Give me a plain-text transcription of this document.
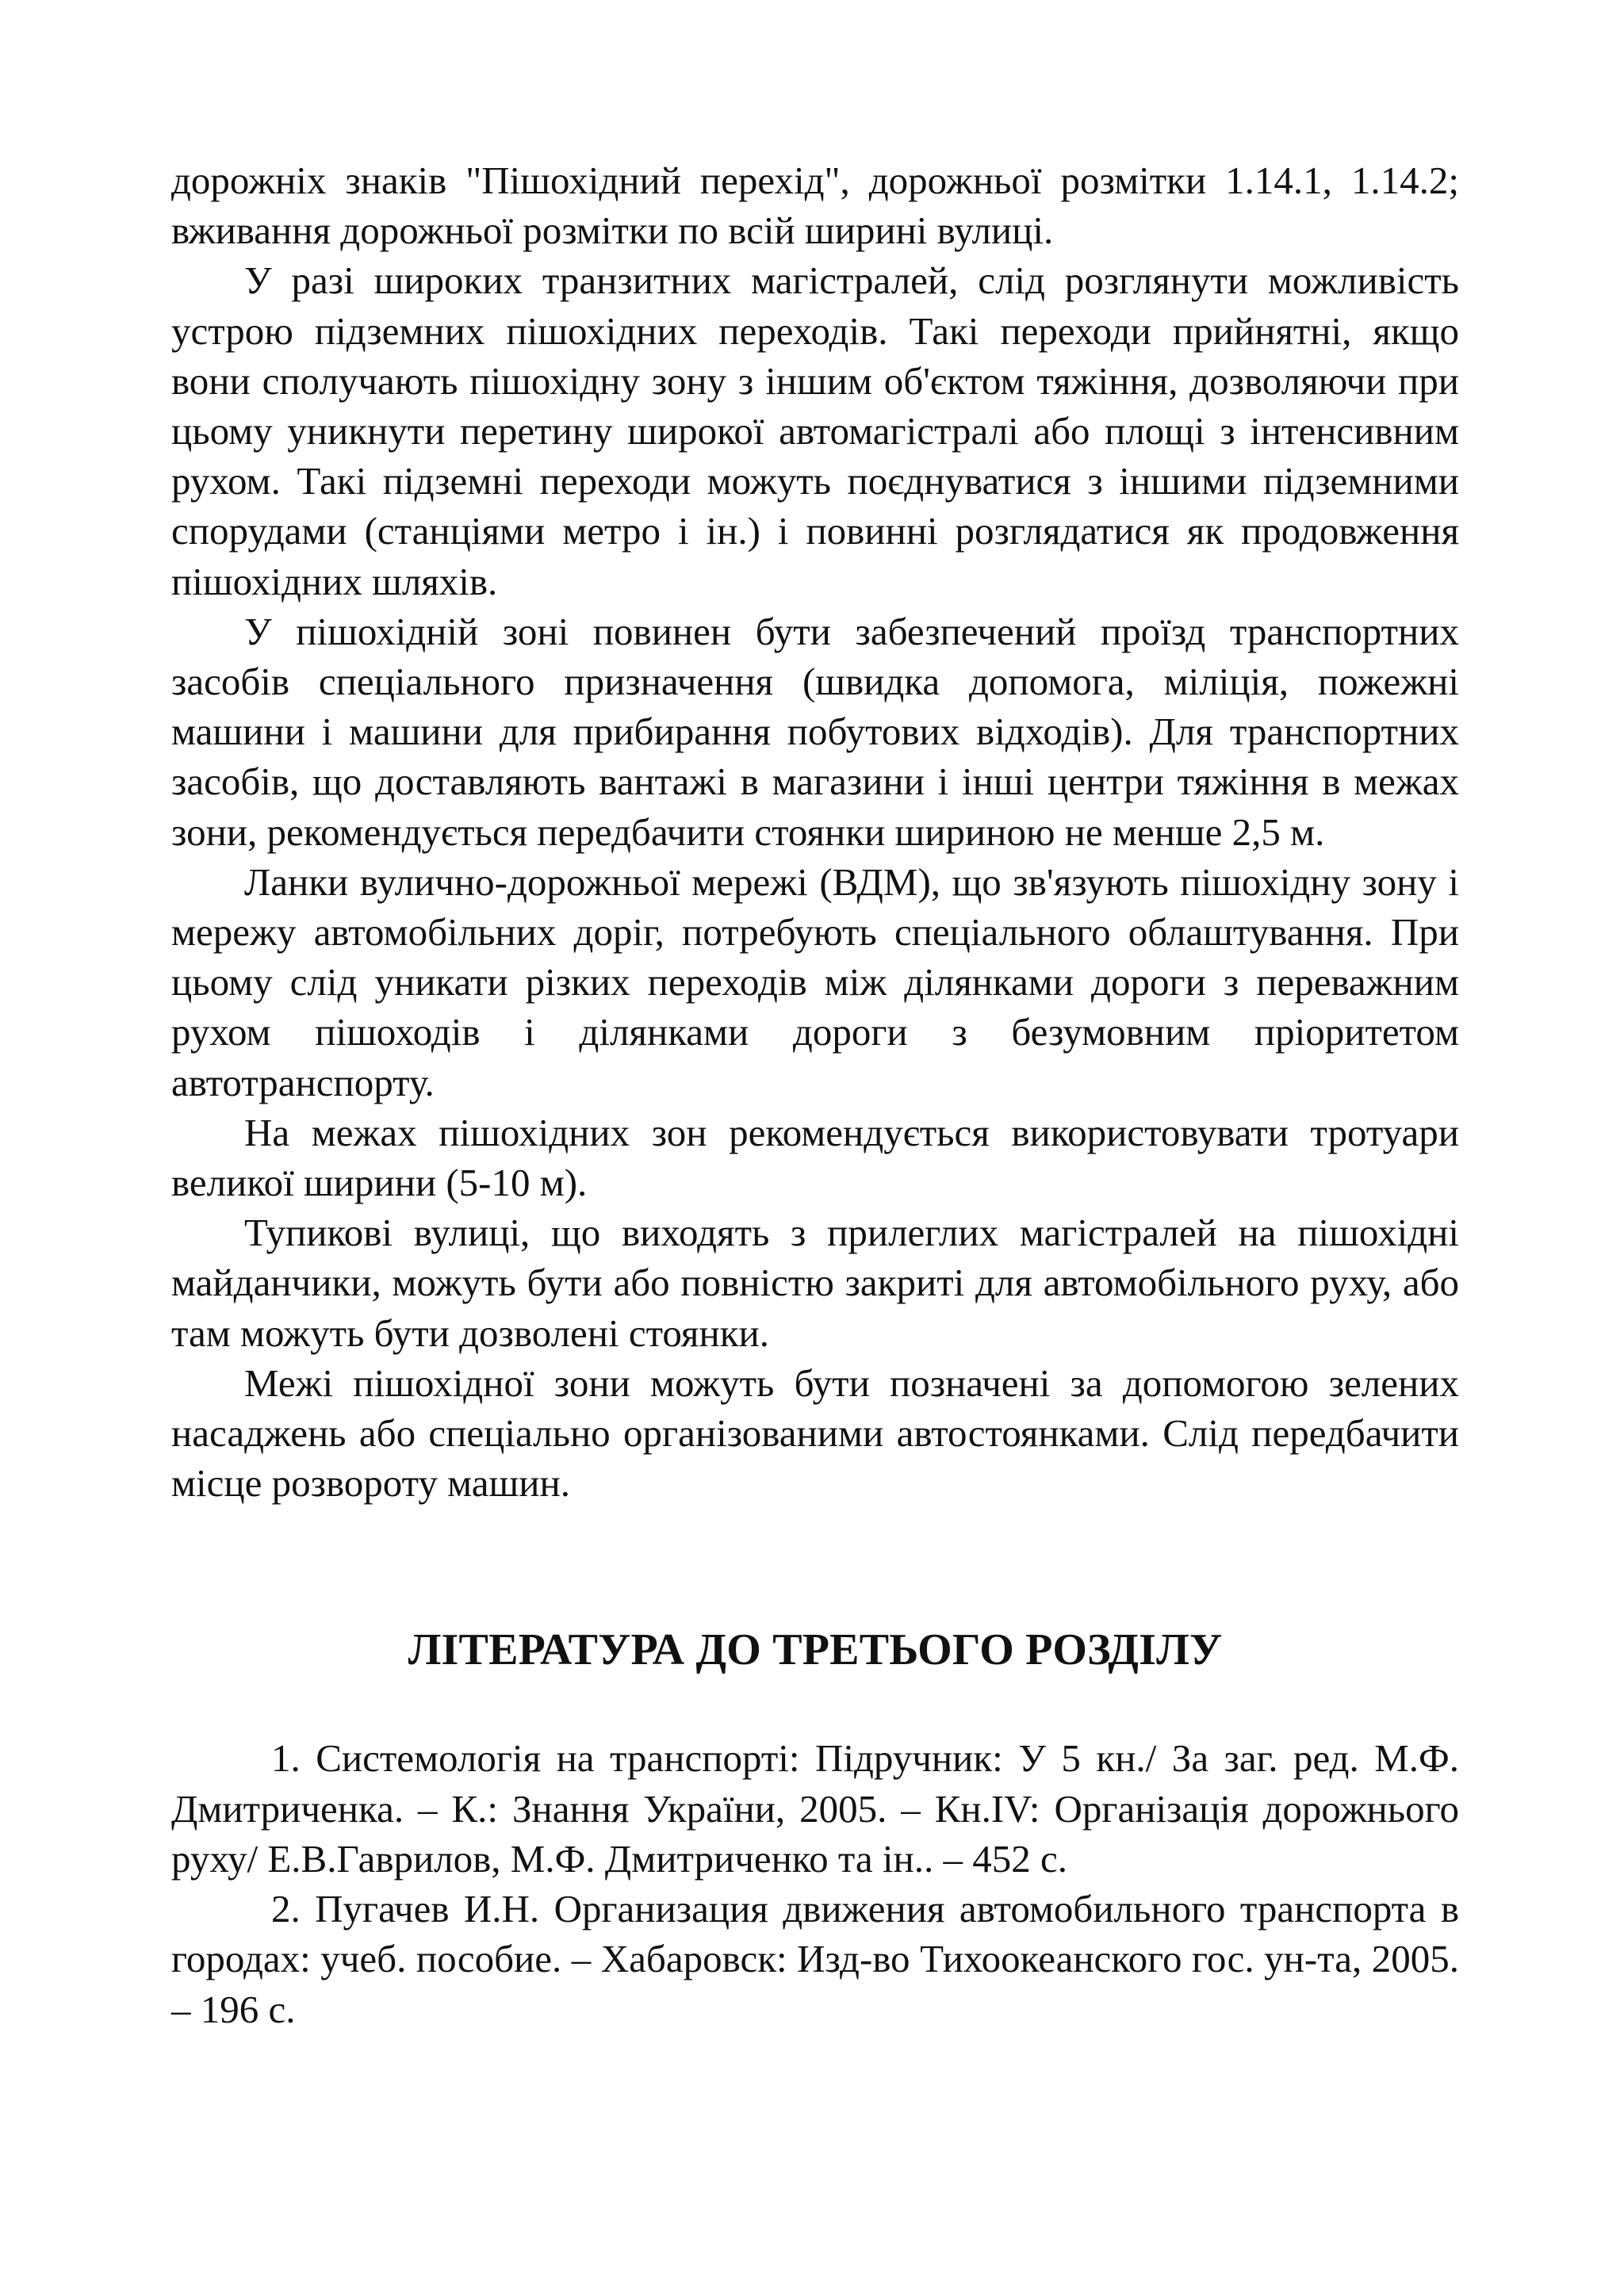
дорожніх знаків "Пішохідний перехід", дорожньої розмітки 1.14.1, 1.14.2; вживання дорожньої розмітки по всій ширині вулиці.

У разі широких транзитних магістралей, слід розглянути можливість устрою підземних пішохідних переходів. Такі переходи прийнятні, якщо вони сполучають пішохідну зону з іншим об'єктом тяжіння, дозволяючи при цьому уникнути перетину широкої автомагістралі або площі з інтенсивним рухом. Такі підземні переходи можуть поєднуватися з іншими підземними спорудами (станціями метро і ін.) і повинні розглядатися як продовження пішохідних шляхів.

У пішохідній зоні повинен бути забезпечений проїзд транспортних засобів спеціального призначення (швидка допомога, міліція, пожежні машини і машини для прибирання побутових відходів). Для транспортних засобів, що доставляють вантажі в магазини і інші центри тяжіння в межах зони, рекомендується передбачити стоянки шириною не менше 2,5 м.

Ланки вулично-дорожньої мережі (ВДМ), що зв'язують пішохідну зону і мережу автомобільних доріг, потребують спеціального облаштування. При цьому слід уникати різких переходів між ділянками дороги з переважним рухом пішоходів і ділянками дороги з безумовним пріоритетом автотранспорту.

На межах пішохідних зон рекомендується використовувати тротуари великої ширини (5-10 м).

Тупикові вулиці, що виходять з прилеглих магістралей на пішохідні майданчики, можуть бути або повністю закриті для автомобільного руху, або там можуть бути дозволені стоянки.

Межі пішохідної зони можуть бути позначені за допомогою зелених насаджень або спеціально організованими автостоянками. Слід передбачити місце розвороту машин.

ЛІТЕРАТУРА ДО ТРЕТЬОГО РОЗДІЛУ

1. Системологія на транспорті: Підручник: У 5 кн./ За заг. ред. М.Ф. Дмитриченка. – К.: Знання України, 2005. – Кн.IV: Організація дорожнього руху/ Е.В.Гаврилов, М.Ф. Дмитриченко та ін.. – 452 с.

2. Пугачев И.Н. Организация движения автомобильного транспорта в городах: учеб. пособие. – Хабаровск: Изд-во Тихоокеанского гос. ун-та, 2005. – 196 с.
